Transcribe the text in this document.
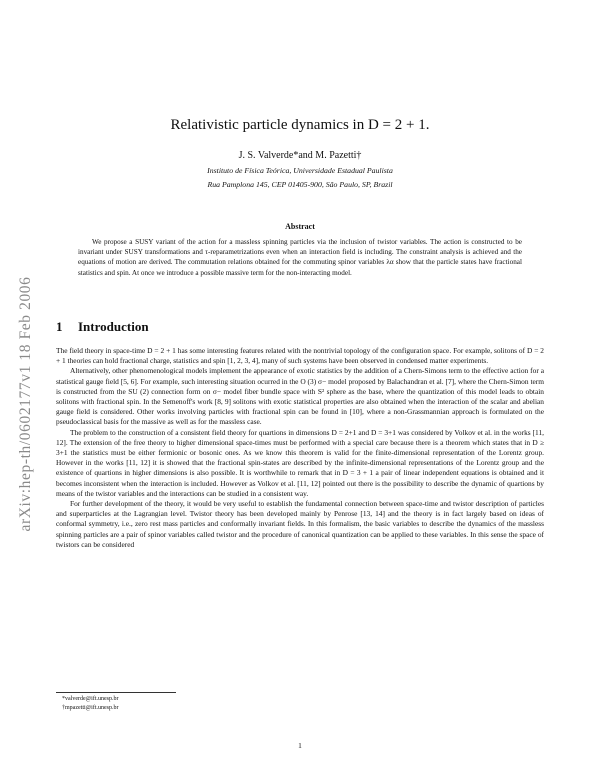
arXiv:hep-th/0602177v1 18 Feb 2006
Relativistic particle dynamics in D = 2 + 1.
J. S. Valverde*and M. Pazetti†
Instituto de Física Teórica, Universidade Estadual Paulista
Rua Pamplona 145, CEP 01405-900, São Paulo, SP, Brazil
Abstract
We propose a SUSY variant of the action for a massless spinning particles via the inclusion of twistor variables. The action is constructed to be invariant under SUSY transformations and τ-reparametrizations even when an interaction field is including. The constraint analysis is achieved and the equations of motion are derived. The commutation relations obtained for the commuting spinor variables λα show that the particle states have fractional statistics and spin. At once we introduce a possible massive term for the non-interacting model.
1 Introduction

The field theory in space-time D = 2 + 1 has some interesting features related with the nontrivial topology of the configuration space. For example, solitons of D = 2 + 1 theories can hold fractional charge, statistics and spin [1, 2, 3, 4], many of such systems have been observed in condensed matter experiments.

Alternatively, other phenomenological models implement the appearance of exotic statistics by the addition of a Chern-Simons term to the effective action for a statistical gauge field [5, 6]. For example, such interesting situation ocurred in the O (3) σ− model proposed by Balachandran et al. [7], where the Chern-Simon term is constructed from the SU (2) connection form on σ− model fiber bundle space with S² sphere as the base, where the quantization of this model leads to obtain solitons with fractional spin. In the Semenoff's work [8, 9] solitons with exotic statistical properties are also obtained when the interaction of the scalar and abelian gauge field is considered. Other works involving particles with fractional spin can be found in [10], where a non-Grassmannian approach is formulated on the pseudoclassical basis for the massive as well as for the massless case.

The problem to the construction of a consistent field theory for quartions in dimensions D = 2+1 and D = 3+1 was considered by Volkov et al. in the works [11, 12]. The extension of the free theory to higher dimensional space-times must be performed with a special care because there is a theorem which states that in D ≥ 3+1 the statistics must be either fermionic or bosonic ones. As we know this theorem is valid for the finite-dimensional representation of the Lorentz group. However in the works [11, 12] it is showed that the fractional spin-states are described by the infinite-dimensional representations of the Lorentz group and the existence of quartions in higher dimensions is also possible. It is worthwhile to remark that in D = 3 + 1 a pair of linear independent equations is obtained and it becomes inconsistent when the interaction is included. However as Volkov et al. [11, 12] pointed out there is the possibility to describe the dynamic of quartions by means of the twistor variables and the interactions can be studied in a consistent way.

For further development of the theory, it would be very useful to establish the fundamental connection between space-time and twistor description of particles and superparticles at the Lagrangian level. Twistor theory has been developed mainly by Penrose [13, 14] and the theory is in fact largely based on ideas of conformal symmetry, i.e., zero rest mass particles and conformally invariant fields. In this formalism, the basic variables to describe the dynamics of the massless spinning particles are a pair of spinor variables called twistor and the procedure of canonical quantization can be applied to these variables. In this sense the space of twistors can be considered

*valverde@ift.unesp.br
†mpazetti@ift.unesp.br
1
